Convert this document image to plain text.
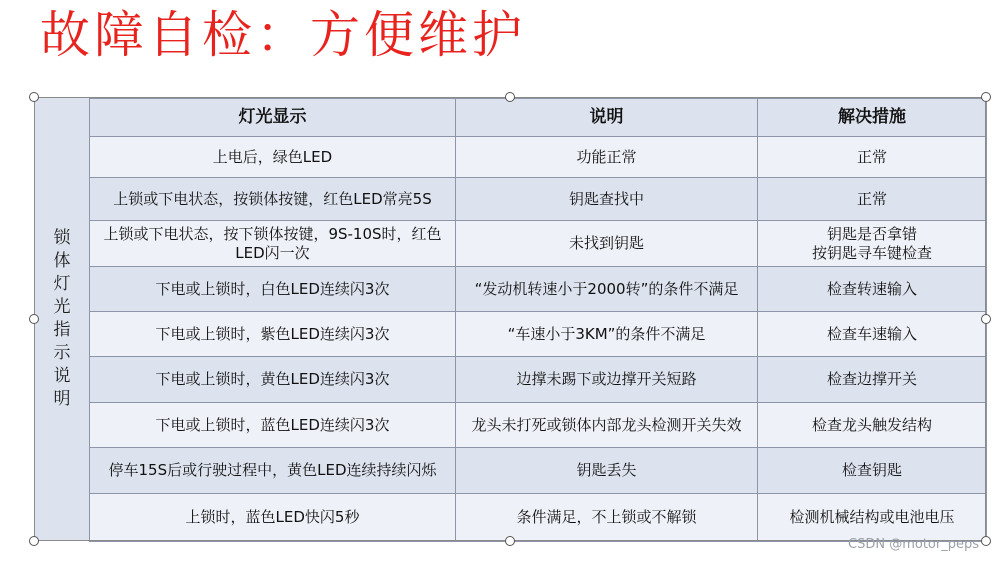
故障自检：方便维护
锁体灯光指示说明
灯光显示	说明	解决措施
上电后，绿色LED	功能正常	正常
上锁或下电状态，按锁体按键，红色LED常亮5S	钥匙查找中	正常
上锁或下电状态，按下锁体按键，9S-10S时，红色LED闪一次	未找到钥匙	钥匙是否拿错
按钥匙寻车键检查
下电或上锁时，白色LED连续闪3次	“发动机转速小于2000转”的条件不满足	检查转速输入
下电或上锁时，紫色LED连续闪3次	“车速小于3KM”的条件不满足	检查车速输入
下电或上锁时，黄色LED连续闪3次	边撑未踢下或边撑开关短路	检查边撑开关
下电或上锁时，蓝色LED连续闪3次	龙头未打死或锁体内部龙头检测开关失效	检查龙头触发结构
停车15S后或行驶过程中，黄色LED连续持续闪烁	钥匙丢失	检查钥匙
上锁时，蓝色LED快闪5秒	条件满足，不上锁或不解锁	检测机械结构或电池电压
CSDN @motor_peps
